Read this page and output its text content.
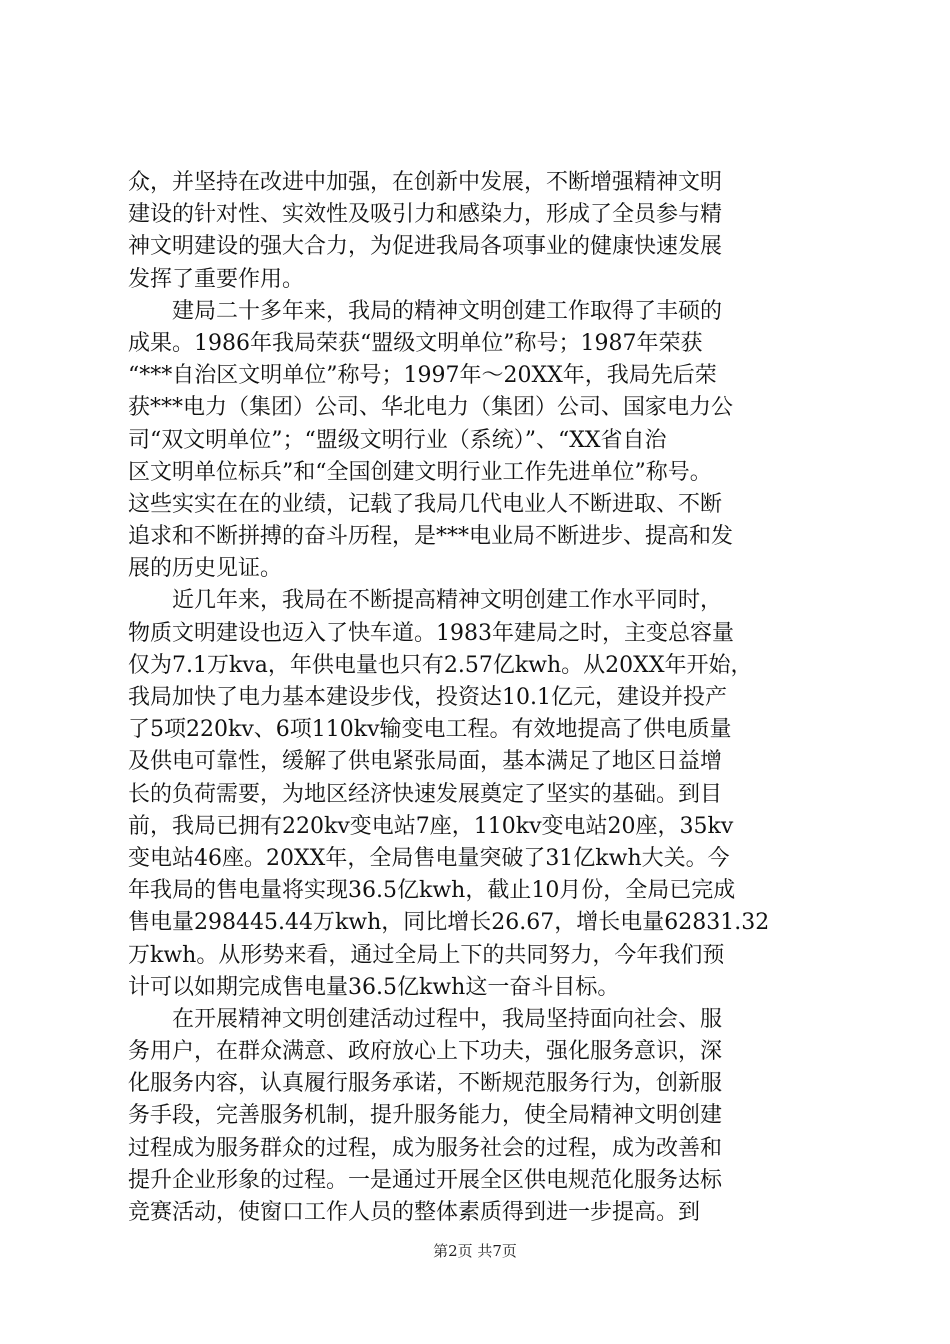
众，并坚持在改进中加强，在创新中发展，不断增强精神文明
建设的针对性、实效性及吸引力和感染力，形成了全员参与精
神文明建设的强大合力，为促进我局各项事业的健康快速发展
发挥了重要作用。
　　建局二十多年来，我局的精神文明创建工作取得了丰硕的
成果。1986年我局荣获“盟级文明单位”称号；1987年荣获
“***自治区文明单位”称号；1997年～20XX年，我局先后荣
获***电力（集团）公司、华北电力（集团）公司、国家电力公
司“双文明单位”；“盟级文明行业（系统）”、“XX省自治
区文明单位标兵”和“全国创建文明行业工作先进单位”称号。
这些实实在在的业绩，记载了我局几代电业人不断进取、不断
追求和不断拼搏的奋斗历程，是***电业局不断进步、提高和发
展的历史见证。
　　近几年来，我局在不断提高精神文明创建工作水平同时，
物质文明建设也迈入了快车道。1983年建局之时，主变总容量
仅为7.1万kva，年供电量也只有2.57亿kwh。从20XX年开始，
我局加快了电力基本建设步伐，投资达10.1亿元，建设并投产
了5项220kv、6项110kv输变电工程。有效地提高了供电质量
及供电可靠性，缓解了供电紧张局面，基本满足了地区日益增
长的负荷需要，为地区经济快速发展奠定了坚实的基础。到目
前，我局已拥有220kv变电站7座，110kv变电站20座，35kv
变电站46座。20XX年，全局售电量突破了31亿kwh大关。今
年我局的售电量将实现36.5亿kwh，截止10月份，全局已完成
售电量298445.44万kwh，同比增长26.67，增长电量62831.32
万kwh。从形势来看，通过全局上下的共同努力，今年我们预
计可以如期完成售电量36.5亿kwh这一奋斗目标。
　　在开展精神文明创建活动过程中，我局坚持面向社会、服
务用户，在群众满意、政府放心上下功夫，强化服务意识，深
化服务内容，认真履行服务承诺，不断规范服务行为，创新服
务手段，完善服务机制，提升服务能力，使全局精神文明创建
过程成为服务群众的过程，成为服务社会的过程，成为改善和
提升企业形象的过程。一是通过开展全区供电规范化服务达标
竞赛活动，使窗口工作人员的整体素质得到进一步提高。到
第2页 共7页
